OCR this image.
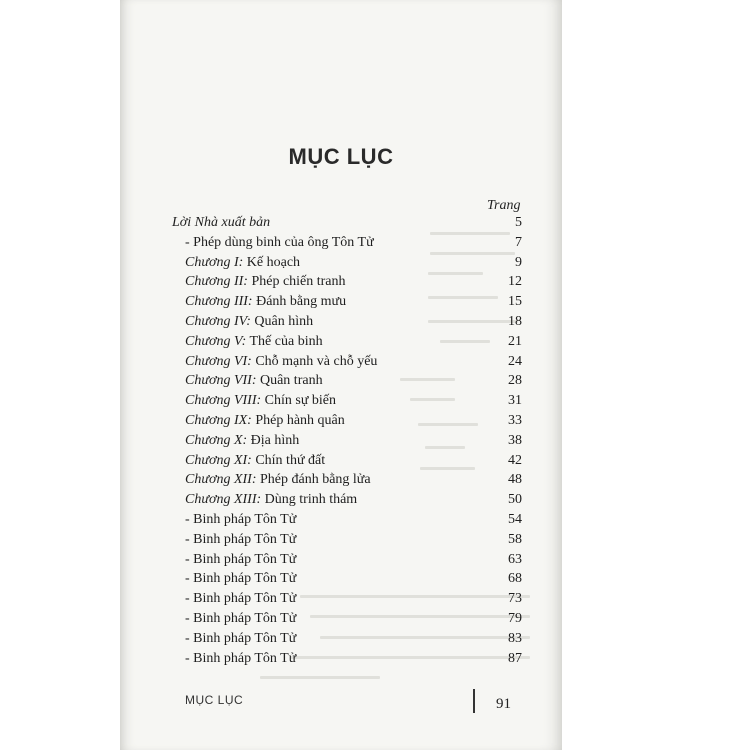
MỤC LỤC
Trang
Lời Nhà xuất bản	5
- Phép dùng binh của ông Tôn Tử	7
Chương I: Kế hoạch	9
Chương II: Phép chiến tranh	12
Chương III: Đánh bằng mưu	15
Chương IV: Quân hình	18
Chương V: Thế của binh	21
Chương VI: Chỗ mạnh và chỗ yếu	24
Chương VII: Quân tranh	28
Chương VIII: Chín sự biến	31
Chương IX: Phép hành quân	33
Chương X: Địa hình	38
Chương XI: Chín thứ đất	42
Chương XII: Phép đánh bằng lửa	48
Chương XIII: Dùng trinh thám	50
- Binh pháp Tôn Tử	54
- Binh pháp Tôn Tử	58
- Binh pháp Tôn Tử	63
- Binh pháp Tôn Tử	68
- Binh pháp Tôn Tử	73
- Binh pháp Tôn Tử	79
- Binh pháp Tôn Tử	83
- Binh pháp Tôn Tử	87
MỤC LỤC	91
